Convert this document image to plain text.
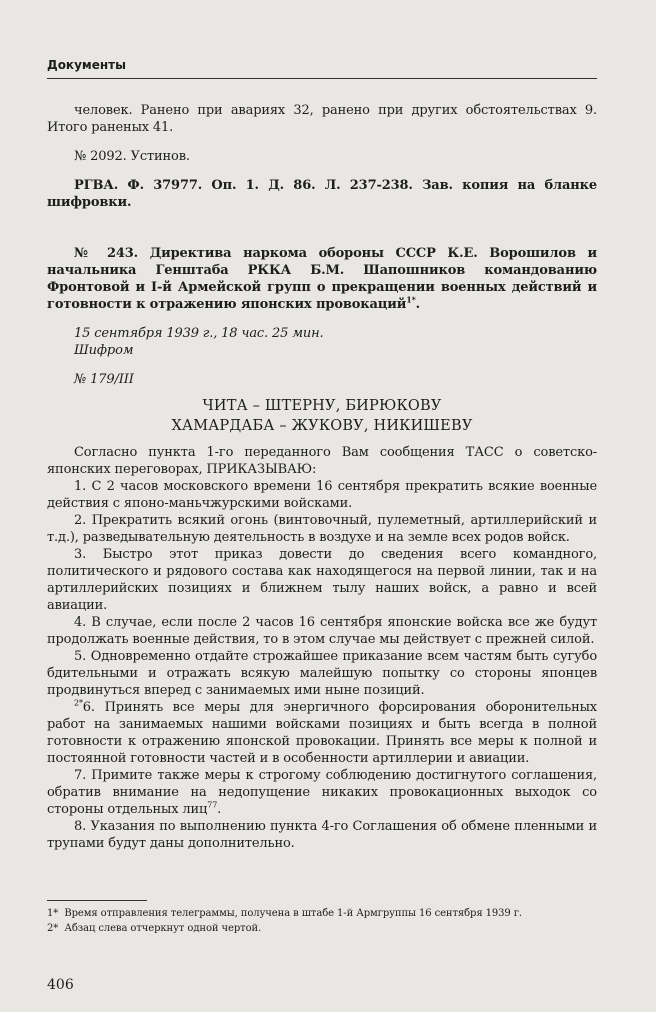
Документы

человек. Ранено при авариях 32, ранено при других обстоятельствах 9. Итого раненых 41.

№ 2092. Устинов.

РГВА. Ф. 37977. Оп. 1. Д. 86. Л. 237-238. Зав. копия на бланке шифровки.

№ 243. Директива наркома обороны СССР К.Е. Ворошилов и начальника Генштаба РККА Б.М. Шапошников командованию Фронтовой и I-й Армейской групп о прекращении военных действий и готовности к отражению японских провокаций$^{1*}$.

15 сентября 1939 г., 18 час. 25 мин.

Шифром

№ 179/III

ЧИТА – ШТЕРНУ, БИРЮКОВУ

ХАМАРДАБА – ЖУКОВУ, НИКИШЕВУ

Согласно пункта 1-го переданного Вам сообщения ТАСС о советско-японских переговорах, ПРИКАЗЫВАЮ:

1. С 2 часов московского времени 16 сентября прекратить всякие военные действия с японо-маньчжурскими войсками.

2. Прекратить всякий огонь (винтовочный, пулеметный, артиллерийский и т.д.), разведывательную деятельность в воздухе и на земле всех родов войск.

3. Быстро этот приказ довести до сведения всего командного, политического и рядового состава как находящегося на первой линии, так и на артиллерийских позициях и ближнем тылу наших войск, а равно и всей авиации.

4. В случае, если после 2 часов 16 сентября японские войска все же будут продолжать военные действия, то в этом случае мы действует с прежней силой.

5. Одновременно отдайте строжайшее приказание всем частям быть сугубо бдительными и отражать всякую малейшую попытку со стороны японцев продвинуться вперед с занимаемых ими ныне позиций.

$^{2*}$6. Принять все меры для энергичного форсирования оборонительных работ на занимаемых нашими войсками позициях и быть всегда в полной готовности к отражению японской провокации. Принять все меры к полной и постоянной готовности частей и в особенности артиллерии и авиации.

7. Примите также меры к строгому соблюдению достигнутого соглашения, обратив внимание на недопущение никаких провокационных выходок со стороны отдельных лиц$^{77}$.

8. Указания по выполнению пункта 4-го Соглашения об обмене пленными и трупами будут даны дополнительно.

1* Время отправления телеграммы, получена в штабе 1-й Армгруппы 16 сентября 1939 г.
2* Абзац слева отчеркнут одной чертой.
406
